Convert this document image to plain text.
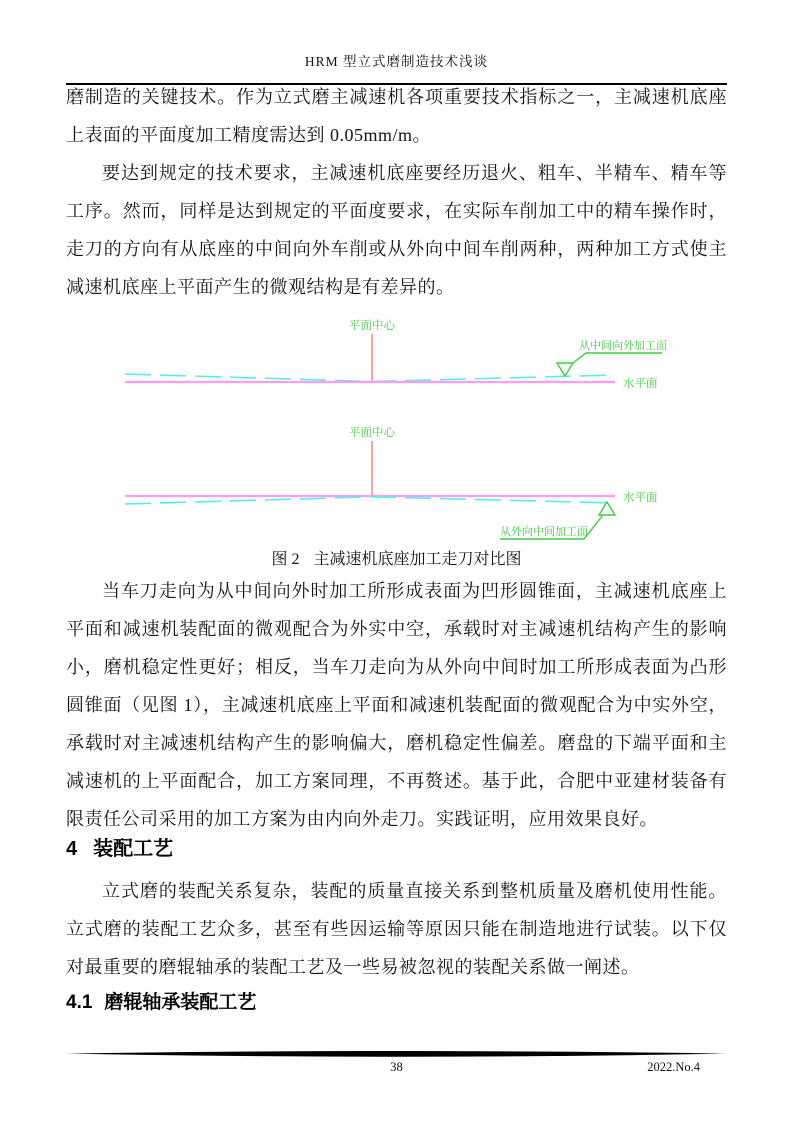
HRM 型立式磨制造技术浅谈

磨制造的关键技术。作为立式磨主减速机各项重要技术指标之一，主减速机底座上表面的平面度加工精度需达到 0.05mm/m。

要达到规定的技术要求，主减速机底座要经历退火、粗车、半精车、精车等工序。然而，同样是达到规定的平面度要求，在实际车削加工中的精车操作时，走刀的方向有从底座的中间向外车削或从外向中间车削两种，两种加工方式使主减速机底座上平面产生的微观结构是有差异的。

平面中心
从中间向外加工面
水平面
平面中心
从外向中间加工面
水平面
图 2 主减速机底座加工走刀对比图

当车刀走向为从中间向外时加工所形成表面为凹形圆锥面，主减速机底座上平面和减速机装配面的微观配合为外实中空，承载时对主减速机结构产生的影响小，磨机稳定性更好；相反，当车刀走向为从外向中间时加工所形成表面为凸形圆锥面（见图 1），主减速机底座上平面和减速机装配面的微观配合为中实外空，承载时对主减速机结构产生的影响偏大，磨机稳定性偏差。磨盘的下端平面和主减速机的上平面配合，加工方案同理，不再赘述。基于此，合肥中亚建材装备有限责任公司采用的加工方案为由内向外走刀。实践证明，应用效果良好。

4 装配工艺

立式磨的装配关系复杂，装配的质量直接关系到整机质量及磨机使用性能。立式磨的装配工艺众多，甚至有些因运输等原因只能在制造地进行试装。以下仅对最重要的磨辊轴承的装配工艺及一些易被忽视的装配关系做一阐述。

4.1 磨辊轴承装配工艺
38	2022.No.4
